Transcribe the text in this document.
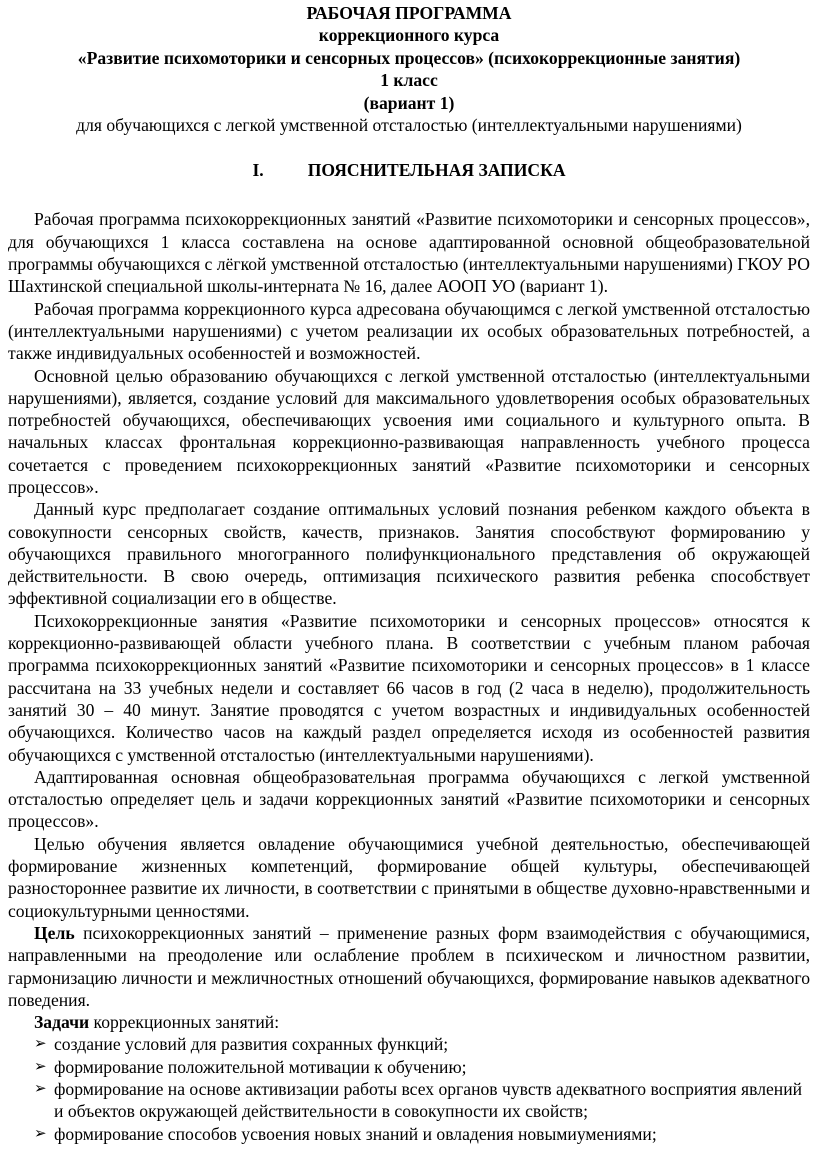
РАБОЧАЯ ПРОГРАММА

коррекционного курса

«Развитие психомоторики и сенсорных процессов» (психокоррекционные занятия)

1 класс

(вариант 1)

для обучающихся с легкой умственной отсталостью (интеллектуальными нарушениями)

I.	ПОЯСНИТЕЛЬНАЯ ЗАПИСКА

Рабочая программа психокоррекционных занятий «Развитие психомоторики и сенсорных процессов», для обучающихся 1 класса составлена на основе адаптированной основной общеобразовательной программы обучающихся с лёгкой умственной отсталостью (интеллектуальными нарушениями) ГКОУ РО Шахтинской специальной школы-интерната № 16, далее АООП УО (вариант 1).

Рабочая программа коррекционного курса адресована обучающимся с легкой умственной отсталостью (интеллектуальными нарушениями) с учетом реализации их особых образовательных потребностей, а также индивидуальных особенностей и возможностей.

Основной целью образованию обучающихся с легкой умственной отсталостью (интеллектуальными нарушениями), является, создание условий для максимального удовлетворения особых образовательных потребностей обучающихся, обеспечивающих усвоения ими социального и культурного опыта. В начальных классах фронтальная коррекционно-развивающая направленность учебного процесса сочетается с проведением психокоррекционных занятий «Развитие психомоторики и сенсорных процессов».

Данный курс предполагает создание оптимальных условий познания ребенком каждого объекта в совокупности сенсорных свойств, качеств, признаков. Занятия способствуют формированию у обучающихся правильного многогранного полифункционального представления об окружающей действительности. В свою очередь, оптимизация психического развития ребенка способствует эффективной социализации его в обществе.

Психокоррекционные занятия «Развитие психомоторики и сенсорных процессов» относятся к коррекционно-развивающей области учебного плана. В соответствии с учебным планом рабочая программа психокоррекционных занятий «Развитие психомоторики и сенсорных процессов» в 1 классе рассчитана на 33 учебных недели и составляет 66 часов в год (2 часа в неделю), продолжительность занятий 30 – 40 минут. Занятие проводятся с учетом возрастных и индивидуальных особенностей обучающихся. Количество часов на каждый раздел определяется исходя из особенностей развития обучающихся с умственной отсталостью (интеллектуальными нарушениями).

Адаптированная основная общеобразовательная программа обучающихся с легкой умственной отсталостью определяет цель и задачи коррекционных занятий «Развитие психомоторики и сенсорных процессов».

Целью обучения является овладение обучающимися учебной деятельностью, обеспечивающей формирование жизненных компетенций, формирование общей культуры, обеспечивающей разностороннее развитие их личности, в соответствии с принятыми в обществе духовно-нравственными и социокультурными ценностями.

Цель психокоррекционных занятий – применение разных форм взаимодействия с обучающимися, направленными на преодоление или ослабление проблем в психическом и личностном развитии, гармонизацию личности и межличностных отношений обучающихся, формирование навыков адекватного поведения.

Задачи коррекционных занятий:

➢ создание условий для развития сохранных функций;
➢ формирование положительной мотивации к обучению;
➢ формирование на основе активизации работы всех органов чувств адекватного восприятия явлений и объектов окружающей действительности в совокупности их свойств;
➢ формирование способов усвоения новых знаний и овладения новымиумениями;
